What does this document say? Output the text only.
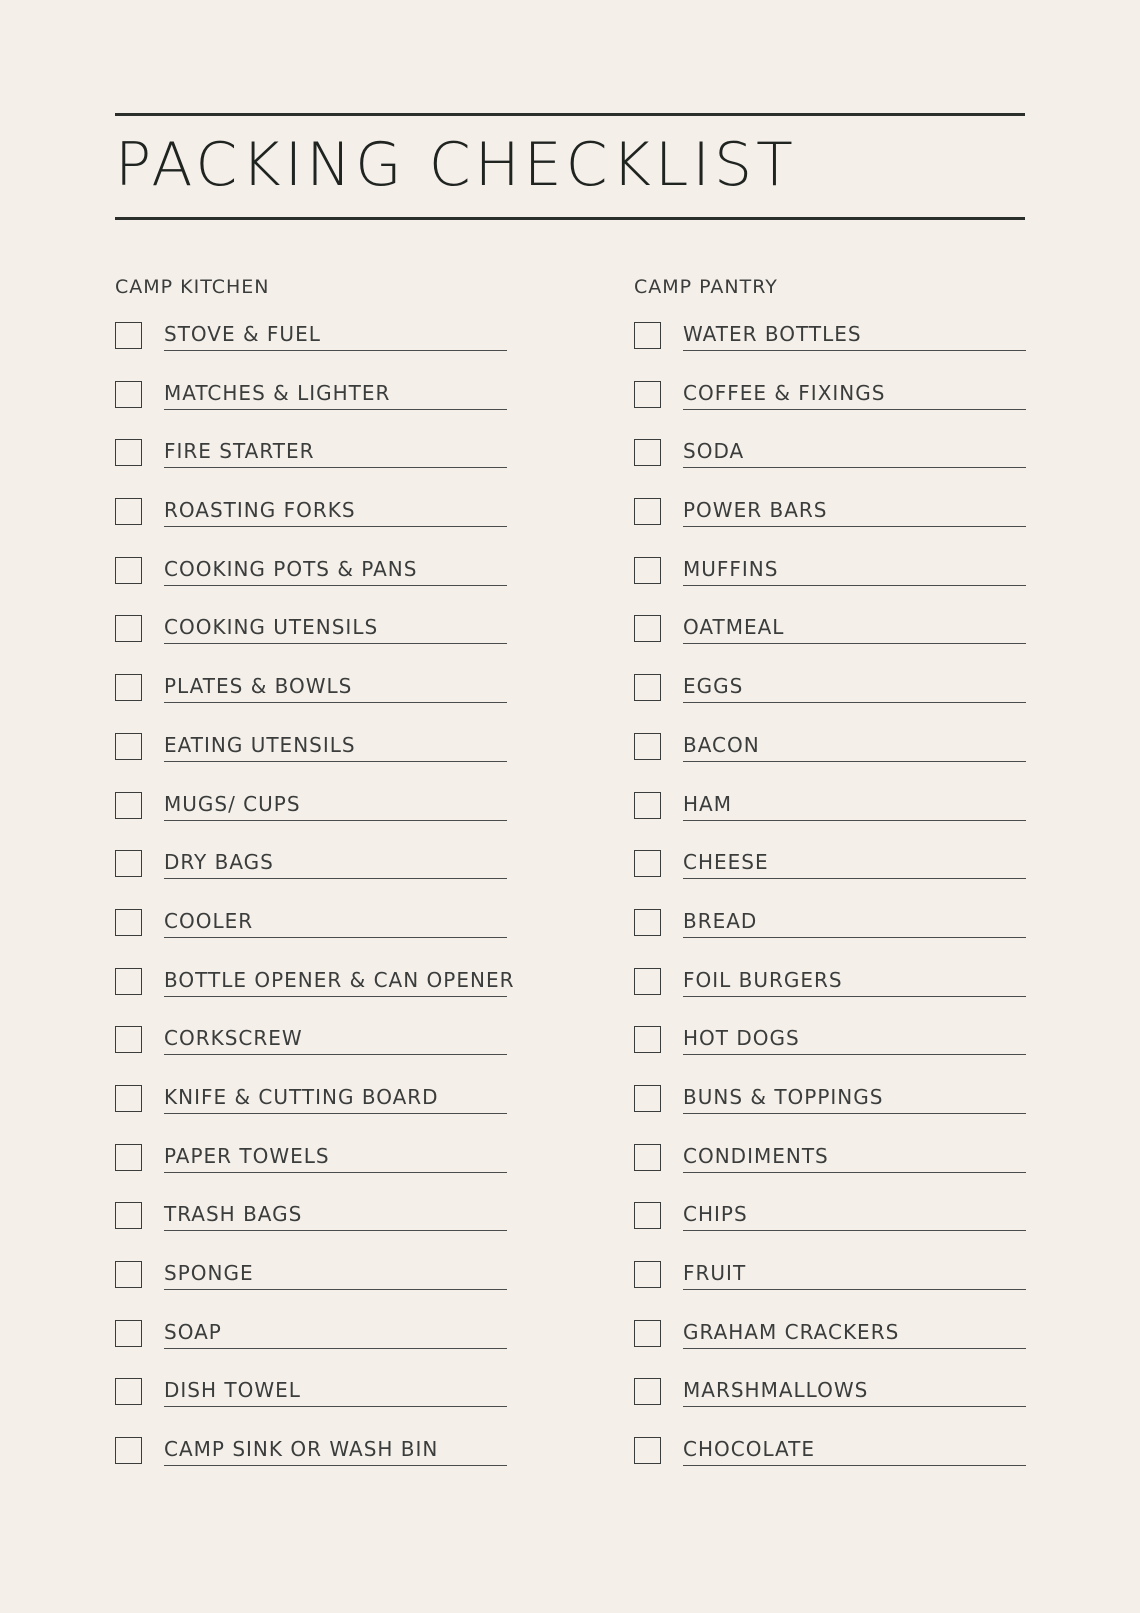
PACKING CHECKLIST
CAMP KITCHEN
STOVE & FUEL
MATCHES & LIGHTER
FIRE STARTER
ROASTING FORKS
COOKING POTS & PANS
COOKING UTENSILS
PLATES & BOWLS
EATING UTENSILS
MUGS/ CUPS
DRY BAGS
COOLER
BOTTLE OPENER & CAN OPENER
CORKSCREW
KNIFE & CUTTING BOARD
PAPER TOWELS
TRASH BAGS
SPONGE
SOAP
DISH TOWEL
CAMP SINK OR WASH BIN
CAMP PANTRY
WATER BOTTLES
COFFEE & FIXINGS
SODA
POWER BARS
MUFFINS
OATMEAL
EGGS
BACON
HAM
CHEESE
BREAD
FOIL BURGERS
HOT DOGS
BUNS & TOPPINGS
CONDIMENTS
CHIPS
FRUIT
GRAHAM CRACKERS
MARSHMALLOWS
CHOCOLATE
